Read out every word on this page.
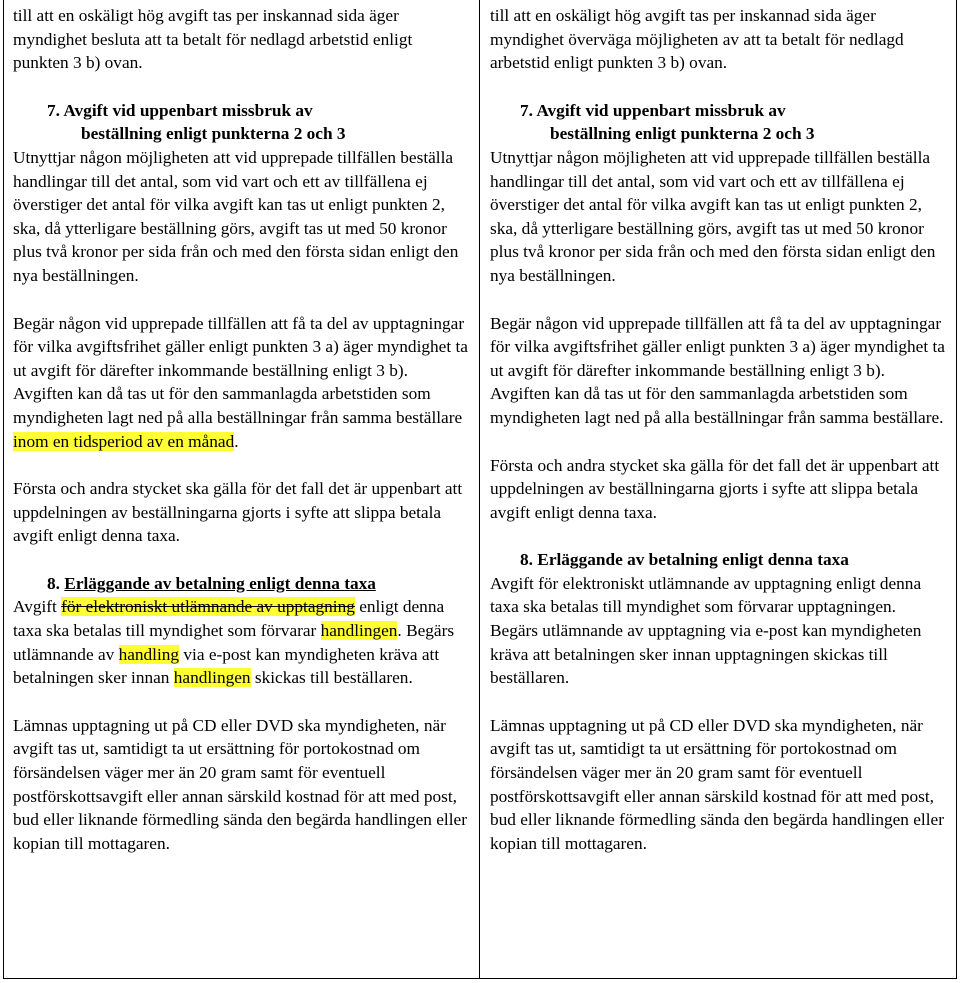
till att en oskäligt hög avgift tas per inskannad sida äger myndighet besluta att ta betalt för nedlagd arbetstid enligt punkten 3 b) ovan.

7. Avgift vid uppenbart missbruk av
beställning enligt punkterna 2 och 3

Utnyttjar någon möjligheten att vid upprepade tillfällen beställa handlingar till det antal, som vid vart och ett av tillfällena ej överstiger det antal för vilka avgift kan tas ut enligt punkten 2, ska, då ytterligare beställning görs, avgift tas ut med 50 kronor plus två kronor per sida från och med den första sidan enligt den nya beställningen.

Begär någon vid upprepade tillfällen att få ta del av upptagningar för vilka avgiftsfrihet gäller enligt punkten 3 a) äger myndighet ta ut avgift för därefter inkommande beställning enligt 3 b). Avgiften kan då tas ut för den sammanlagda arbetstiden som myndigheten lagt ned på alla beställningar från samma beställare inom en tidsperiod av en månad.

Första och andra stycket ska gälla för det fall det är uppenbart att uppdelningen av beställningarna gjorts i syfte att slippa betala avgift enligt denna taxa.

8. Erläggande av betalning enligt denna taxa

Avgift för elektroniskt utlämnande av upptagning enligt denna taxa ska betalas till myndighet som förvarar handlingen. Begärs utlämnande av handling via e-post kan myndigheten kräva att betalningen sker innan handlingen skickas till beställaren.

Lämnas upptagning ut på CD eller DVD ska myndigheten, när avgift tas ut, samtidigt ta ut ersättning för portokostnad om försändelsen väger mer än 20 gram samt för eventuell postförskottsavgift eller annan särskild kostnad för att med post, bud eller liknande förmedling sända den begärda handlingen eller kopian till mottagaren.

till att en oskäligt hög avgift tas per inskannad sida äger myndighet överväga möjligheten av att ta betalt för nedlagd arbetstid enligt punkten 3 b) ovan.

7. Avgift vid uppenbart missbruk av
beställning enligt punkterna 2 och 3

Utnyttjar någon möjligheten att vid upprepade tillfällen beställa handlingar till det antal, som vid vart och ett av tillfällena ej överstiger det antal för vilka avgift kan tas ut enligt punkten 2, ska, då ytterligare beställning görs, avgift tas ut med 50 kronor plus två kronor per sida från och med den första sidan enligt den nya beställningen.

Begär någon vid upprepade tillfällen att få ta del av upptagningar för vilka avgiftsfrihet gäller enligt punkten 3 a) äger myndighet ta ut avgift för därefter inkommande beställning enligt 3 b). Avgiften kan då tas ut för den sammanlagda arbetstiden som myndigheten lagt ned på alla beställningar från samma beställare.

Första och andra stycket ska gälla för det fall det är uppenbart att uppdelningen av beställningarna gjorts i syfte att slippa betala avgift enligt denna taxa.

8. Erläggande av betalning enligt denna taxa

Avgift för elektroniskt utlämnande av upptagning enligt denna taxa ska betalas till myndighet som förvarar upptagningen. Begärs utlämnande av upptagning via e-post kan myndigheten kräva att betalningen sker innan upptagningen skickas till beställaren.

Lämnas upptagning ut på CD eller DVD ska myndigheten, när avgift tas ut, samtidigt ta ut ersättning för portokostnad om försändelsen väger mer än 20 gram samt för eventuell postförskottsavgift eller annan särskild kostnad för att med post, bud eller liknande förmedling sända den begärda handlingen eller kopian till mottagaren.
